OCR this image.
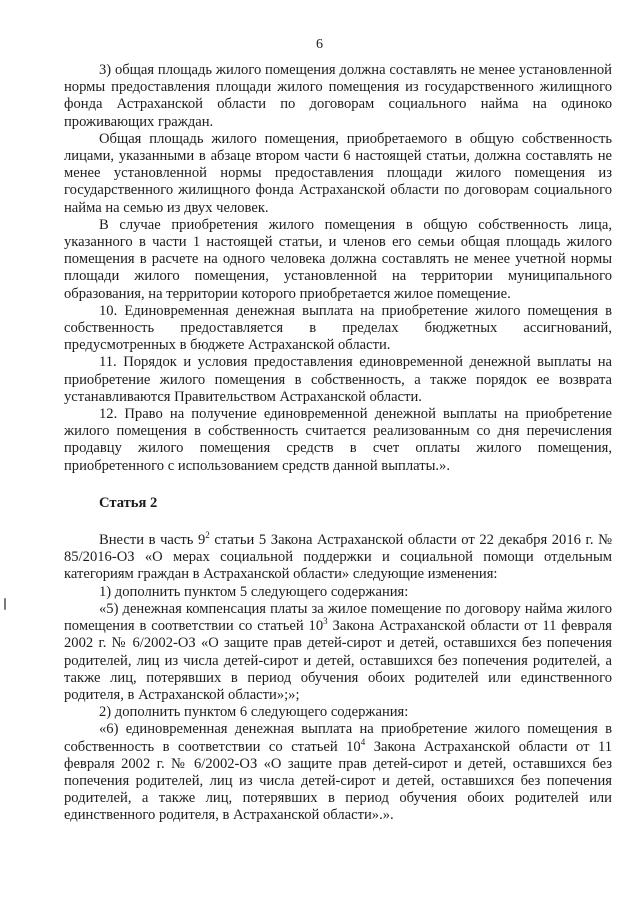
6

3) общая площадь жилого помещения должна составлять не менее установленной нормы предоставления площади жилого помещения из государственного жилищного фонда Астраханской области по договорам социального найма на одиноко проживающих граждан.

Общая площадь жилого помещения, приобретаемого в общую собственность лицами, указанными в абзаце втором части 6 настоящей статьи, должна составлять не менее установленной нормы предоставления площади жилого помещения из государственного жилищного фонда Астраханской области по договорам социального найма на семью из двух человек.

В случае приобретения жилого помещения в общую собственность лица, указанного в части 1 настоящей статьи, и членов его семьи общая площадь жилого помещения в расчете на одного человека должна составлять не менее учетной нормы площади жилого помещения, установленной на территории муниципального образования, на территории которого приобретается жилое помещение.

10. Единовременная денежная выплата на приобретение жилого помещения в собственность предоставляется в пределах бюджетных ассигнований, предусмотренных в бюджете Астраханской области.

11. Порядок и условия предоставления единовременной денежной выплаты на приобретение жилого помещения в собственность, а также порядок ее возврата устанавливаются Правительством Астраханской области.

12. Право на получение единовременной денежной выплаты на приобретение жилого помещения в собственность считается реализованным со дня перечисления продавцу жилого помещения средств в счет оплаты жилого помещения, приобретенного с использованием средств данной выплаты.».

Статья 2

Внести в часть $9^2$ статьи 5 Закона Астраханской области от 22 декабря 2016 г. № 85/2016-ОЗ «О мерах социальной поддержки и социальной помощи отдельным категориям граждан в Астраханской области» следующие изменения:

1) дополнить пунктом 5 следующего содержания:

«5) денежная компенсация платы за жилое помещение по договору найма жилого помещения в соответствии со статьей $10^3$ Закона Астраханской области от 11 февраля 2002 г. № 6/2002-ОЗ «О защите прав детей-сирот и детей, оставшихся без попечения родителей, лиц из числа детей-сирот и детей, оставшихся без попечения родителей, а также лиц, потерявших в период обучения обоих родителей или единственного родителя, в Астраханской области»;»;

2) дополнить пунктом 6 следующего содержания:

«6) единовременная денежная выплата на приобретение жилого помещения в собственность в соответствии со статьей $10^4$ Закона Астраханской области от 11 февраля 2002 г. № 6/2002-ОЗ «О защите прав детей-сирот и детей, оставшихся без попечения родителей, лиц из числа детей-сирот и детей, оставшихся без попечения родителей, а также лиц, потерявших в период обучения обоих родителей или единственного родителя, в Астраханской области».».
